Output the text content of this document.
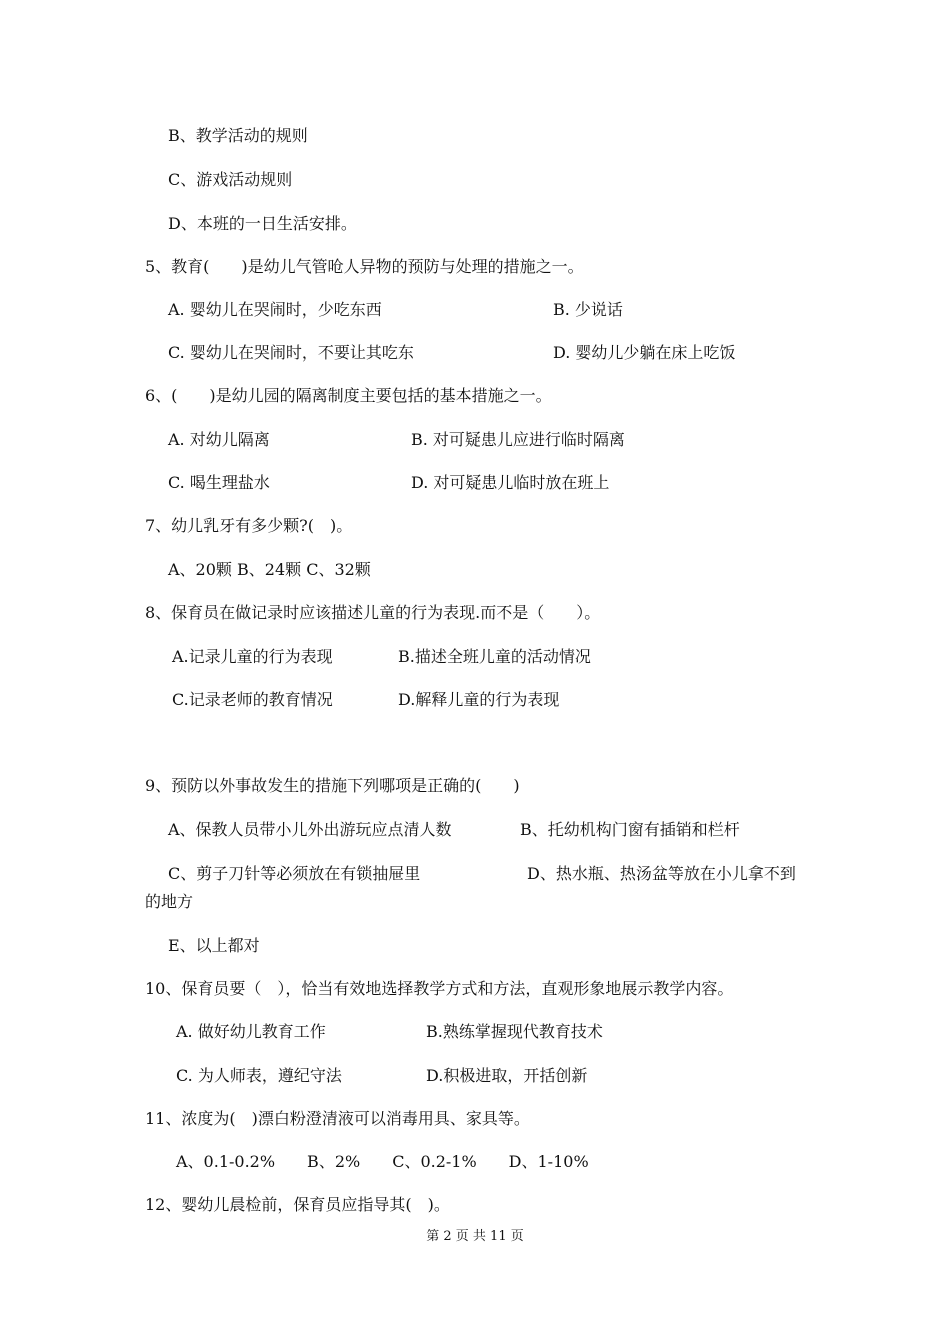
B、教学活动的规则
C、游戏活动规则
D、本班的一日生活安排。
5、教育(　　)是幼儿气管呛人异物的预防与处理的措施之一。
A. 婴幼儿在哭闹时，少吃东西	B. 少说话
C. 婴幼儿在哭闹时，不要让其吃东	D. 婴幼儿少躺在床上吃饭
6、(　　)是幼儿园的隔离制度主要包括的基本措施之一。
A. 对幼儿隔离	B. 对可疑患儿应进行临时隔离
C. 喝生理盐水	D. 对可疑患儿临时放在班上
7、幼儿乳牙有多少颗?(　)。
A、20颗 B、24颗 C、32颗
8、保育员在做记录时应该描述儿童的行为表现.而不是（　　）。
A.记录儿童的行为表现	B.描述全班儿童的活动情况
C.记录老师的教育情况	D.解释儿童的行为表现
9、预防以外事故发生的措施下列哪项是正确的(　　)
A、保教人员带小儿外出游玩应点清人数	B、托幼机构门窗有插销和栏杆
C、剪子刀针等必须放在有锁抽屉里	D、热水瓶、热汤盆等放在小儿拿不到
的地方
E、以上都对
10、保育员要（　），恰当有效地选择教学方式和方法，直观形象地展示教学内容。
A. 做好幼儿教育工作	B.熟练掌握现代教育技术
C. 为人师表，遵纪守法	D.积极进取，开括创新
11、浓度为(　)漂白粉澄清液可以消毒用具、家具等。
A、0.1-0.2%　　B、2%　　C、0.2-1%　　D、1-10%
12、婴幼儿晨检前，保育员应指导其(　)。
第 2 页 共 11 页
